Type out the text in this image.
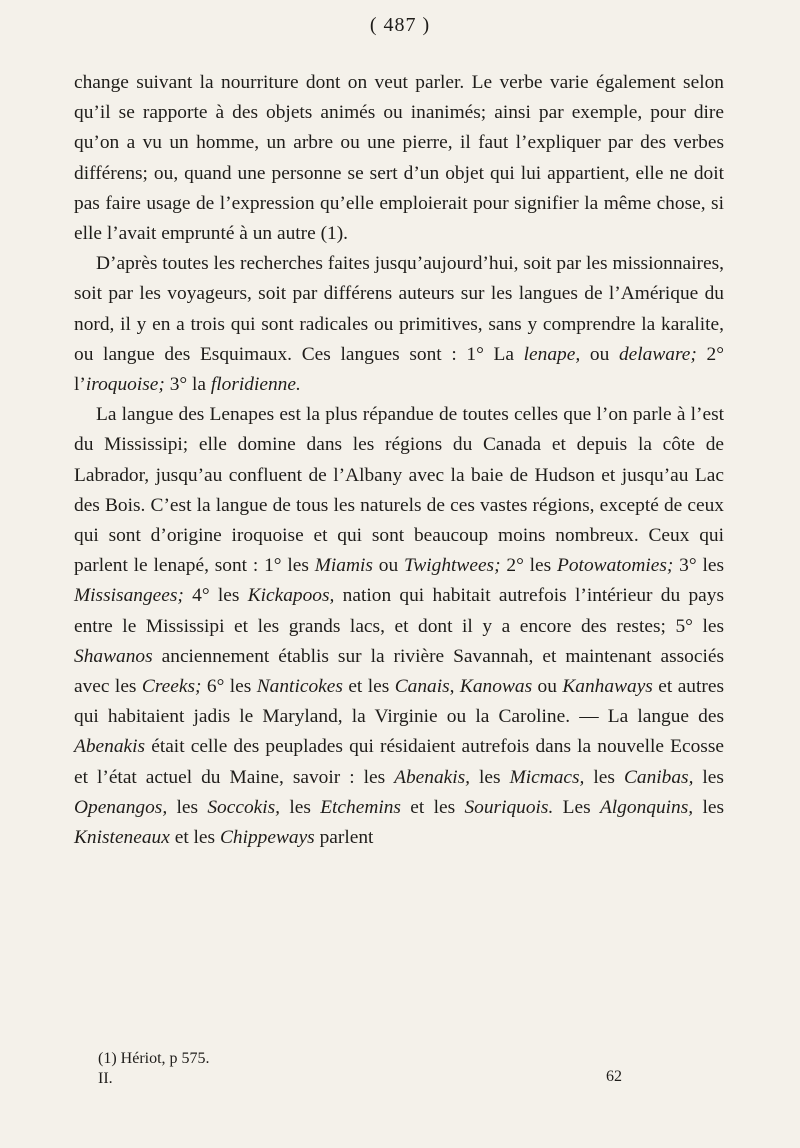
( 487 )

change suivant la nourriture dont on veut parler. Le verbe varie également selon qu’il se rapporte à des objets animés ou inanimés; ainsi par exemple, pour dire qu’on a vu un homme, un arbre ou une pierre, il faut l’expliquer par des verbes différens; ou, quand une personne se sert d’un objet qui lui appartient, elle ne doit pas faire usage de l’expression qu’elle emploierait pour signifier la même chose, si elle l’avait emprunté à un autre (1).

D’après toutes les recherches faites jusqu’aujourd’hui, soit par les missionnaires, soit par les voyageurs, soit par différens auteurs sur les langues de l’Amérique du nord, il y en a trois qui sont radicales ou primitives, sans y comprendre la karalite, ou langue des Esquimaux. Ces langues sont : 1° La lenape, ou delaware; 2° l’iroquoise; 3° la floridienne.

La langue des Lenapes est la plus répandue de toutes celles que l’on parle à l’est du Mississipi; elle domine dans les régions du Canada et depuis la côte de Labrador, jusqu’au confluent de l’Albany avec la baie de Hudson et jusqu’au Lac des Bois. C’est la langue de tous les naturels de ces vastes régions, excepté de ceux qui sont d’origine iroquoise et qui sont beaucoup moins nombreux. Ceux qui parlent le lenapé, sont : 1° les Miamis ou Twightwees; 2° les Potowatomies; 3° les Missisangees; 4° les Kickapoos, nation qui habitait autrefois l’intérieur du pays entre le Mississipi et les grands lacs, et dont il y a encore des restes; 5° les Shawanos anciennement établis sur la rivière Savannah, et maintenant associés avec les Creeks; 6° les Nanticokes et les Canais, Kanowas ou Kanhaways et autres qui habitaient jadis le Maryland, la Virginie ou la Caroline. — La langue des Abenakis était celle des peuplades qui résidaient autrefois dans la nouvelle Ecosse et l’état actuel du Maine, savoir : les Abenakis, les Micmacs, les Canibas, les Openangos, les Soccokis, les Etchemins et les Souriquois. Les Algonquins, les Knisteneaux et les Chippeways parlent

(1) Hériot, p 575.
II.	62
